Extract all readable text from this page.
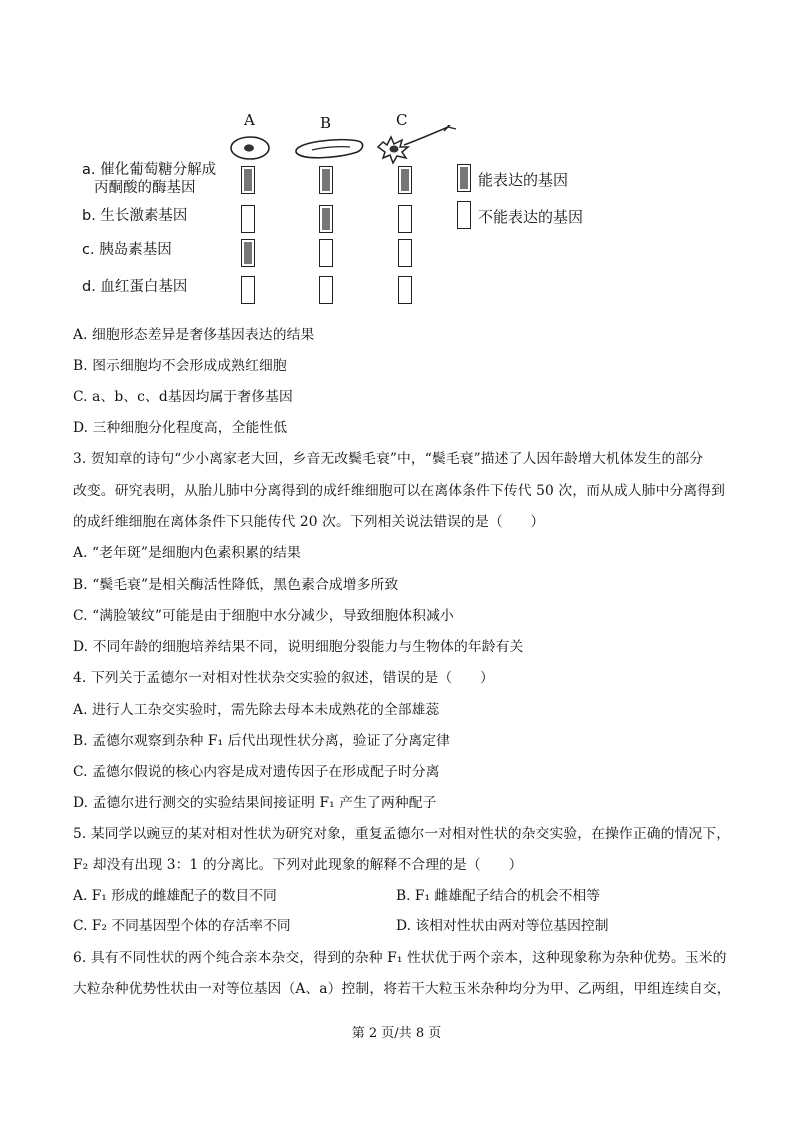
A	B	C
a. 催化葡萄糖分解成
丙酮酸的酶基因
b. 生长激素基因
c. 胰岛素基因
d. 血红蛋白基因
能表达的基因
不能表达的基因
A. 细胞形态差异是奢侈基因表达的结果
B. 图示细胞均不会形成成熟红细胞
C. a、b、c、d基因均属于奢侈基因
D. 三种细胞分化程度高，全能性低
3. 贺知章的诗句“少小离家老大回，乡音无改鬓毛衰”中，“鬓毛衰”描述了人因年龄增大机体发生的部分
改变。研究表明，从胎儿肺中分离得到的成纤维细胞可以在离体条件下传代 50 次，而从成人肺中分离得到
的成纤维细胞在离体条件下只能传代 20 次。下列相关说法错误的是（　　）
A. “老年斑”是细胞内色素积累的结果
B. “鬓毛衰”是相关酶活性降低，黑色素合成增多所致
C. “满脸皱纹”可能是由于细胞中水分减少，导致细胞体积减小
D. 不同年龄的细胞培养结果不同，说明细胞分裂能力与生物体的年龄有关
4. 下列关于孟德尔一对相对性状杂交实验的叙述，错误的是（　　）
A. 进行人工杂交实验时，需先除去母本未成熟花的全部雄蕊
B. 孟德尔观察到杂种 F₁ 后代出现性状分离，验证了分离定律
C. 孟德尔假说的核心内容是成对遗传因子在形成配子时分离
D. 孟德尔进行测交的实验结果间接证明 F₁ 产生了两种配子
5. 某同学以豌豆的某对相对性状为研究对象，重复孟德尔一对相对性状的杂交实验，在操作正确的情况下，
F₂ 却没有出现 3：1 的分离比。下列对此现象的解释不合理的是（　　）
A. F₁ 形成的雌雄配子的数目不同	B. F₁ 雌雄配子结合的机会不相等
C. F₂ 不同基因型个体的存活率不同	D. 该相对性状由两对等位基因控制
6. 具有不同性状的两个纯合亲本杂交，得到的杂种 F₁ 性状优于两个亲本，这种现象称为杂种优势。玉米的
大粒杂种优势性状由一对等位基因（A、a）控制，将若干大粒玉米杂种均分为甲、乙两组，甲组连续自交，
第 2 页/共 8 页
